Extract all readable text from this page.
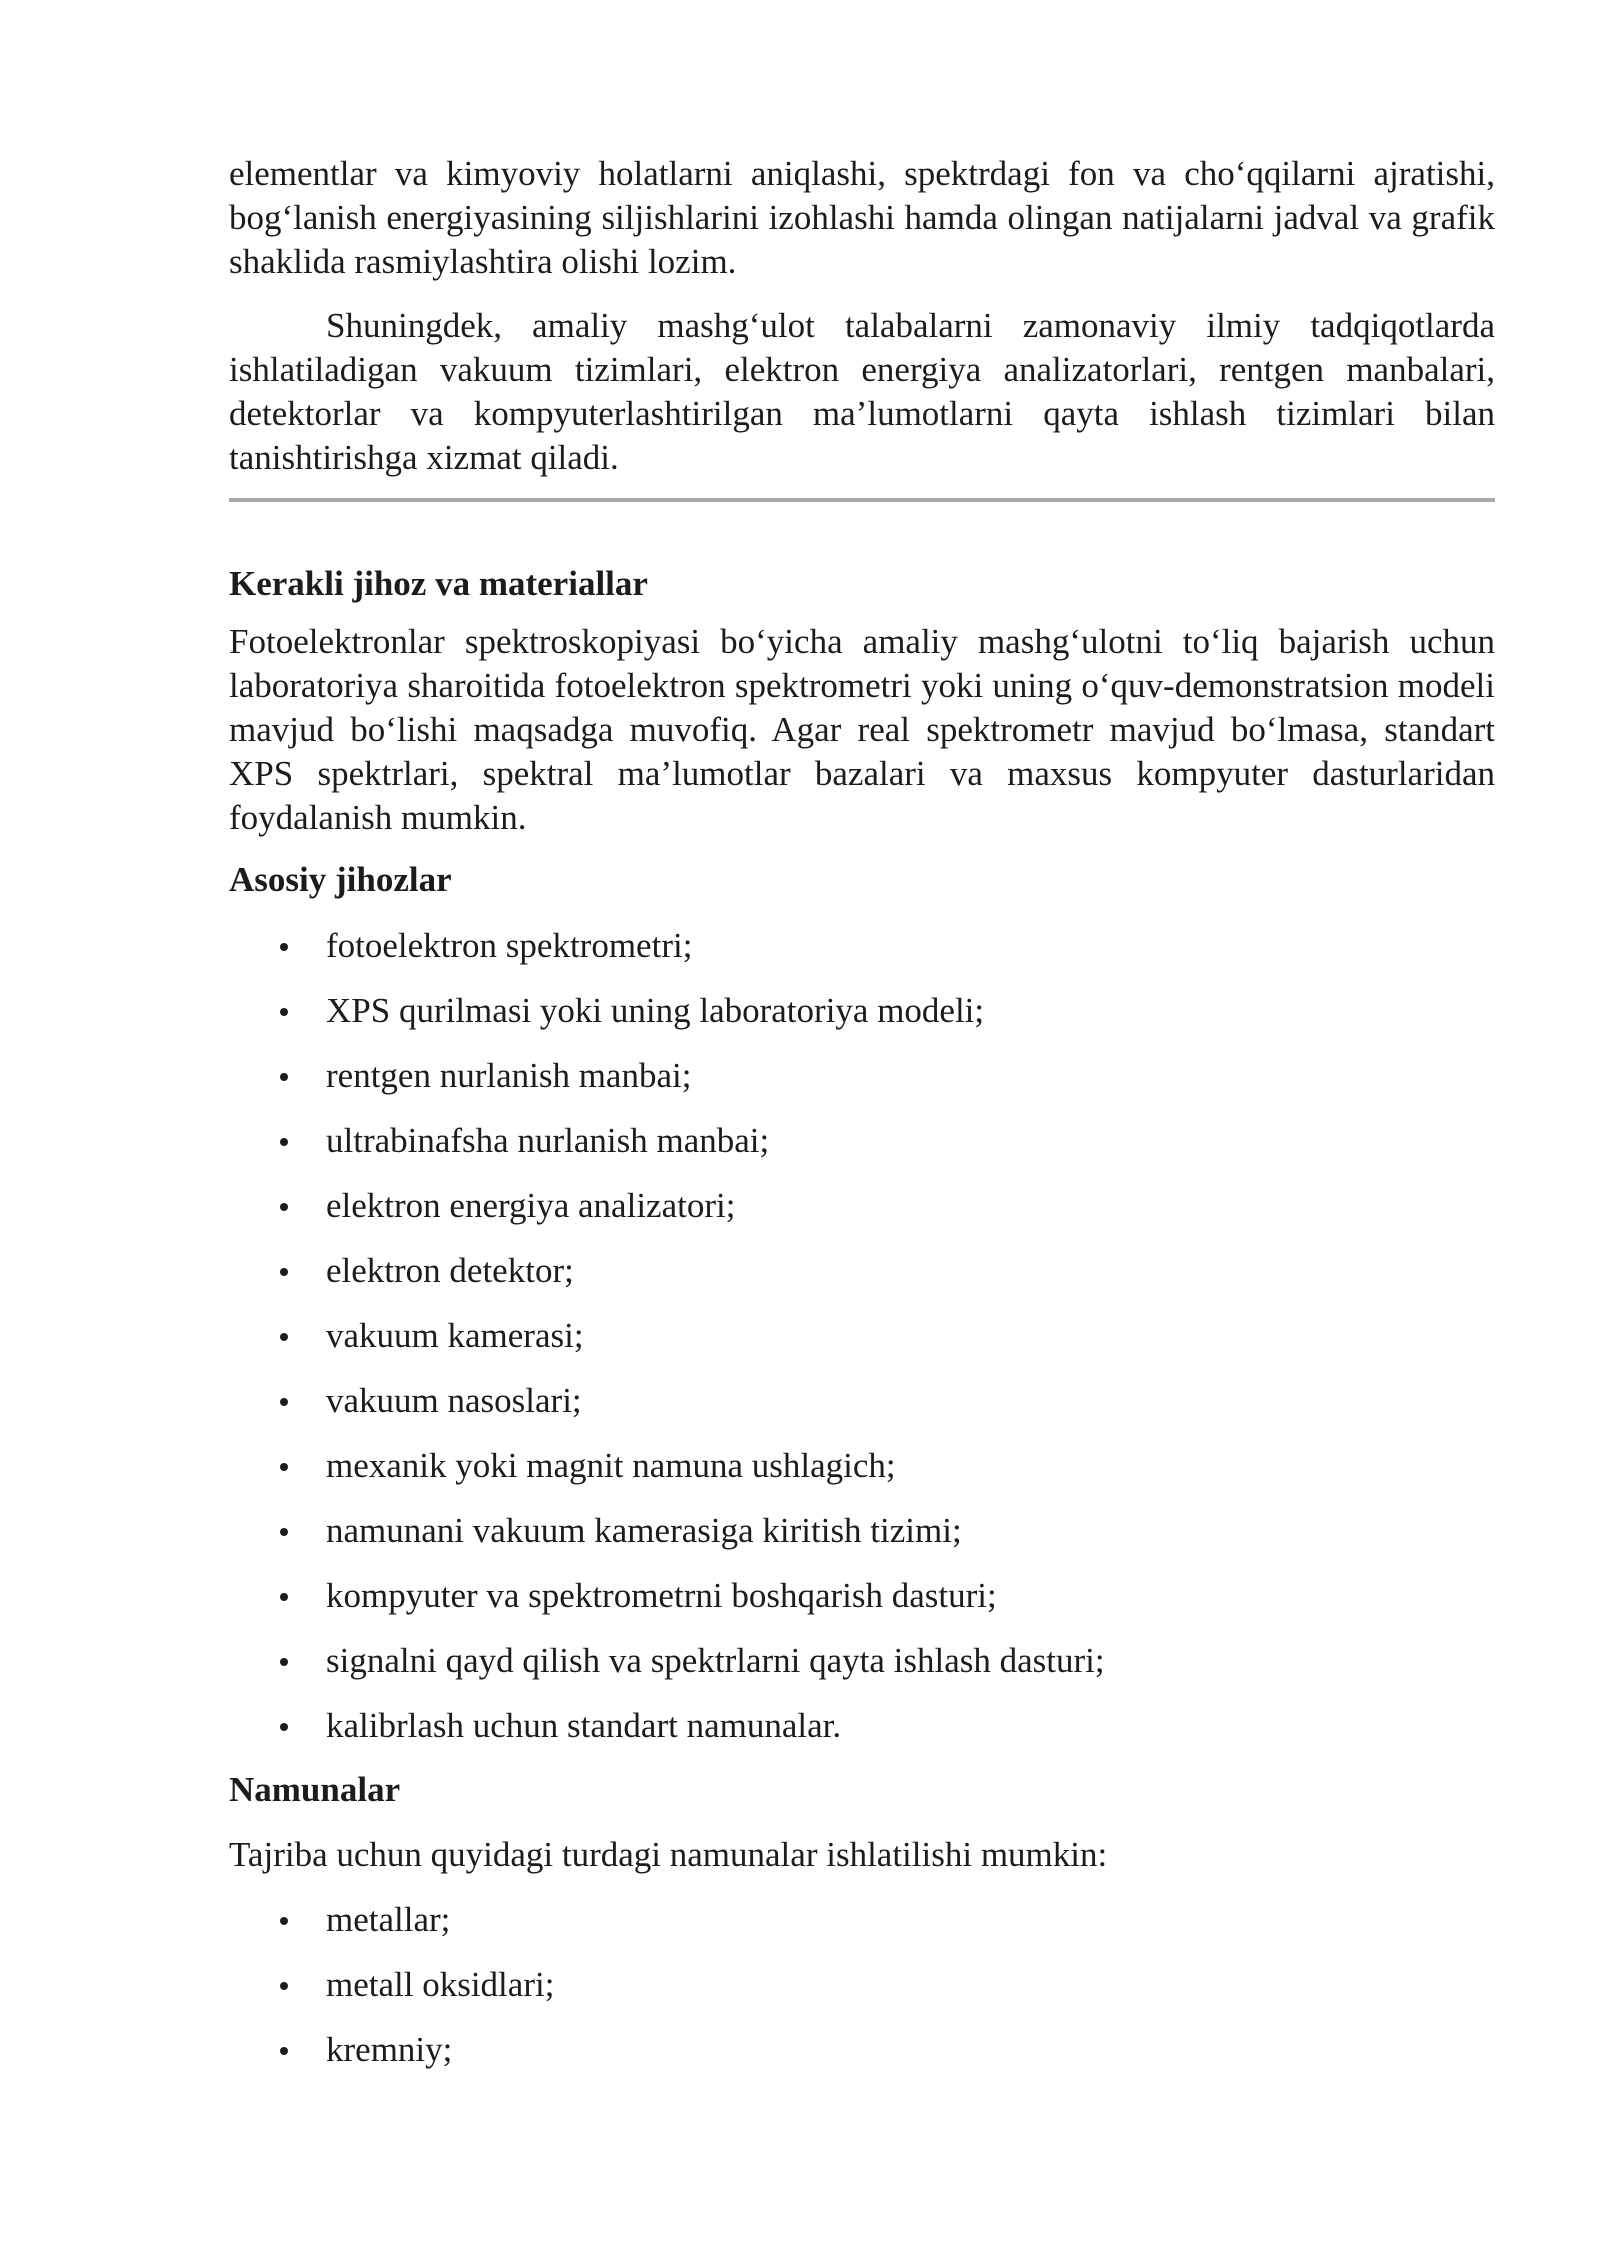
elementlar va kimyoviy holatlarni aniqlashi, spektrdagi fon va cho‘qqilarni ajratishi, bog‘lanish energiyasining siljishlarini izohlashi hamda olingan natijalarni jadval va grafik shaklida rasmiylashtira olishi lozim.

Shuningdek, amaliy mashg‘ulot talabalarni zamonaviy ilmiy tadqiqotlarda ishlatiladigan vakuum tizimlari, elektron energiya analizatorlari, rentgen manbalari, detektorlar va kompyuterlashtirilgan ma’lumotlarni qayta ishlash tizimlari bilan tanishtirishga xizmat qiladi.

Kerakli jihoz va materiallar

Fotoelektronlar spektroskopiyasi bo‘yicha amaliy mashg‘ulotni to‘liq bajarish uchun laboratoriya sharoitida fotoelektron spektrometri yoki uning o‘quv-demonstratsion modeli mavjud bo‘lishi maqsadga muvofiq. Agar real spektrometr mavjud bo‘lmasa, standart XPS spektrlari, spektral ma’lumotlar bazalari va maxsus kompyuter dasturlaridan foydalanish mumkin.

Asosiy jihozlar

fotoelektron spektrometri;
XPS qurilmasi yoki uning laboratoriya modeli;
rentgen nurlanish manbai;
ultrabinafsha nurlanish manbai;
elektron energiya analizatori;
elektron detektor;
vakuum kamerasi;
vakuum nasoslari;
mexanik yoki magnit namuna ushlagich;
namunani vakuum kamerasiga kiritish tizimi;
kompyuter va spektrometrni boshqarish dasturi;
signalni qayd qilish va spektrlarni qayta ishlash dasturi;
kalibrlash uchun standart namunalar.

Namunalar

Tajriba uchun quyidagi turdagi namunalar ishlatilishi mumkin:

metallar;
metall oksidlari;
kremniy;
